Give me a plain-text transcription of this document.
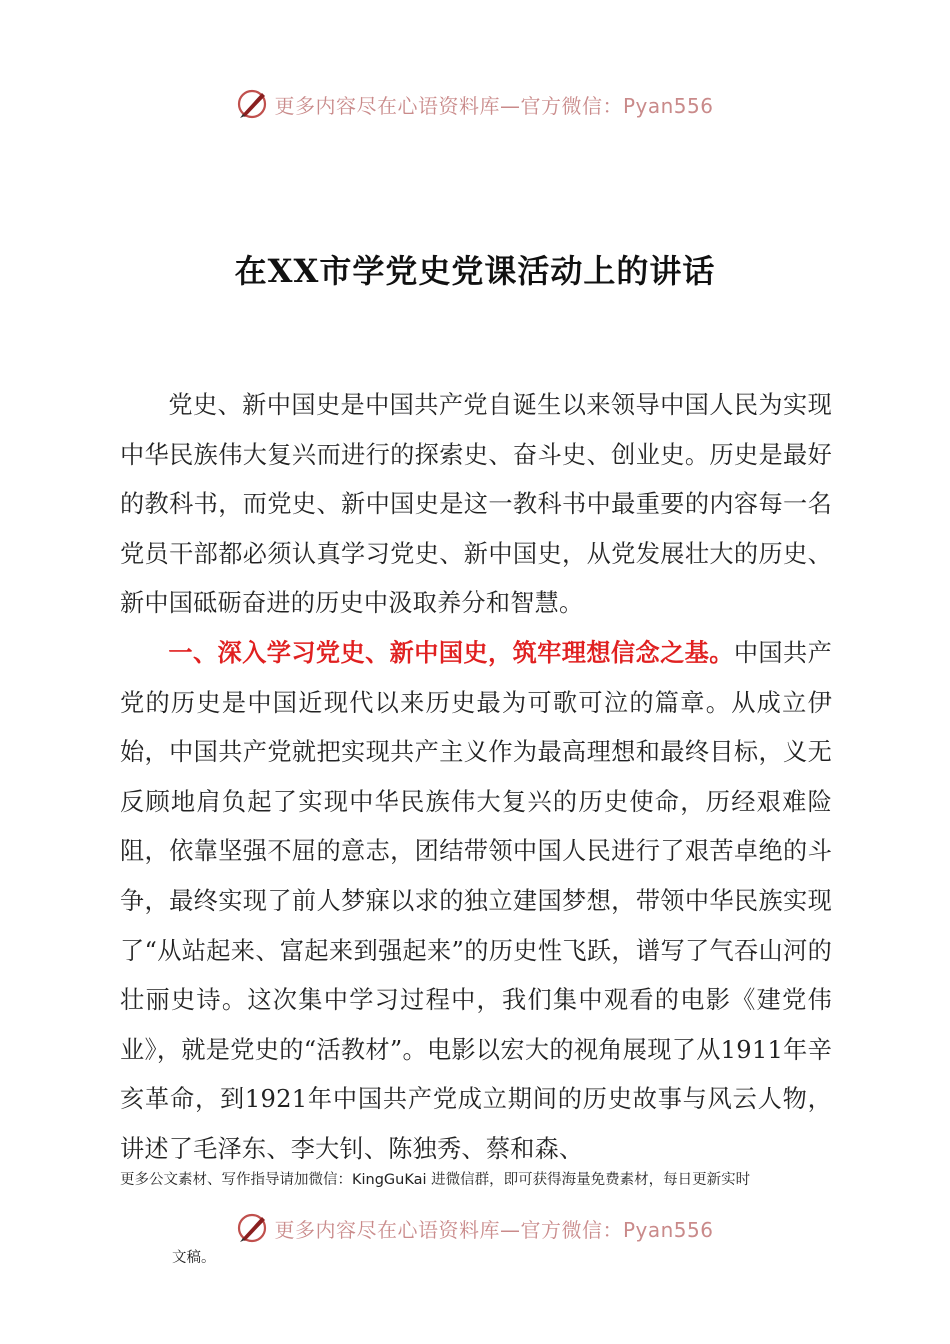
更多内容尽在心语资料库—官方微信：Pyan556
在XX市学党史党课活动上的讲话

党史、新中国史是中国共产党自诞生以来领导中国人民为实现中华民族伟大复兴而进行的探索史、奋斗史、创业史。历史是最好的教科书，而党史、新中国史是这一教科书中最重要的内容每一名党员干部都必须认真学习党史、新中国史，从党发展壮大的历史、新中国砥砺奋进的历史中汲取养分和智慧。

一、深入学习党史、新中国史，筑牢理想信念之基。中国共产党的历史是中国近现代以来历史最为可歌可泣的篇章。从成立伊始，中国共产党就把实现共产主义作为最高理想和最终目标，义无反顾地肩负起了实现中华民族伟大复兴的历史使命，历经艰难险阻，依靠坚强不屈的意志，团结带领中国人民进行了艰苦卓绝的斗争，最终实现了前人梦寐以求的独立建国梦想，带领中华民族实现了“从站起来、富起来到强起来”的历史性飞跃，谱写了气吞山河的壮丽史诗。这次集中学习过程中，我们集中观看的电影《建党伟业》，就是党史的“活教材”。电影以宏大的视角展现了从1911年辛亥革命，到1921年中国共产党成立期间的历史故事与风云人物，讲述了毛泽东、李大钊、陈独秀、蔡和森、

更多公文素材、写作指导请加微信：KingGuKai 进微信群，即可获得海量免费素材，每日更新实时
更多内容尽在心语资料库—官方微信：Pyan556
文稿。
